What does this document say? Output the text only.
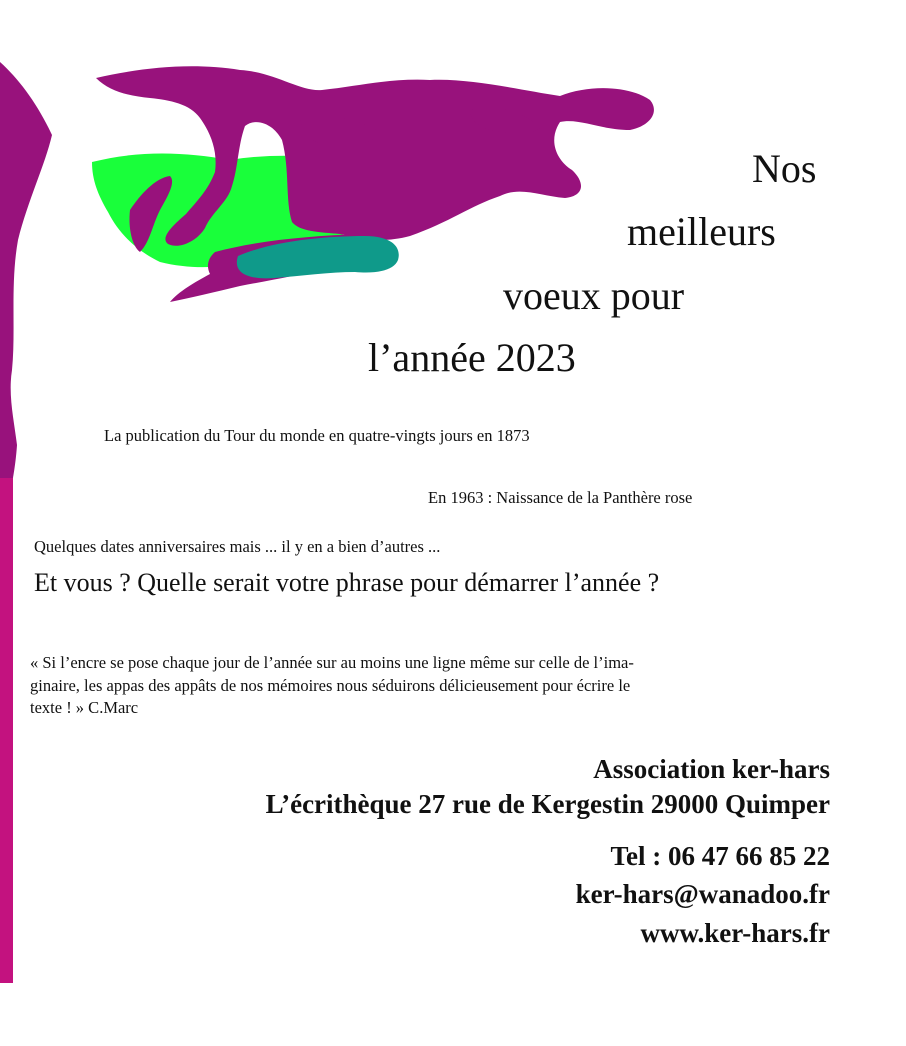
Nos
meilleurs
voeux pour
l’année 2023
La publication du Tour du monde en quatre-vingts jours en 1873
En 1963 : Naissance de la Panthère rose
Quelques dates anniversaires mais ... il y en a bien d’autres ...
Et vous ? Quelle serait votre phrase pour démarrer l’année ?
« Si l’encre se pose chaque jour de l’année sur au moins une ligne même sur celle de l’ima-
ginaire, les appas des appâts de nos mémoires nous séduirons délicieusement pour écrire le
texte ! » C.Marc
Association ker-hars
L’écrithèque 27 rue de Kergestin 29000 Quimper
Tel : 06 47 66 85 22
ker-hars@wanadoo.fr
www.ker-hars.fr
